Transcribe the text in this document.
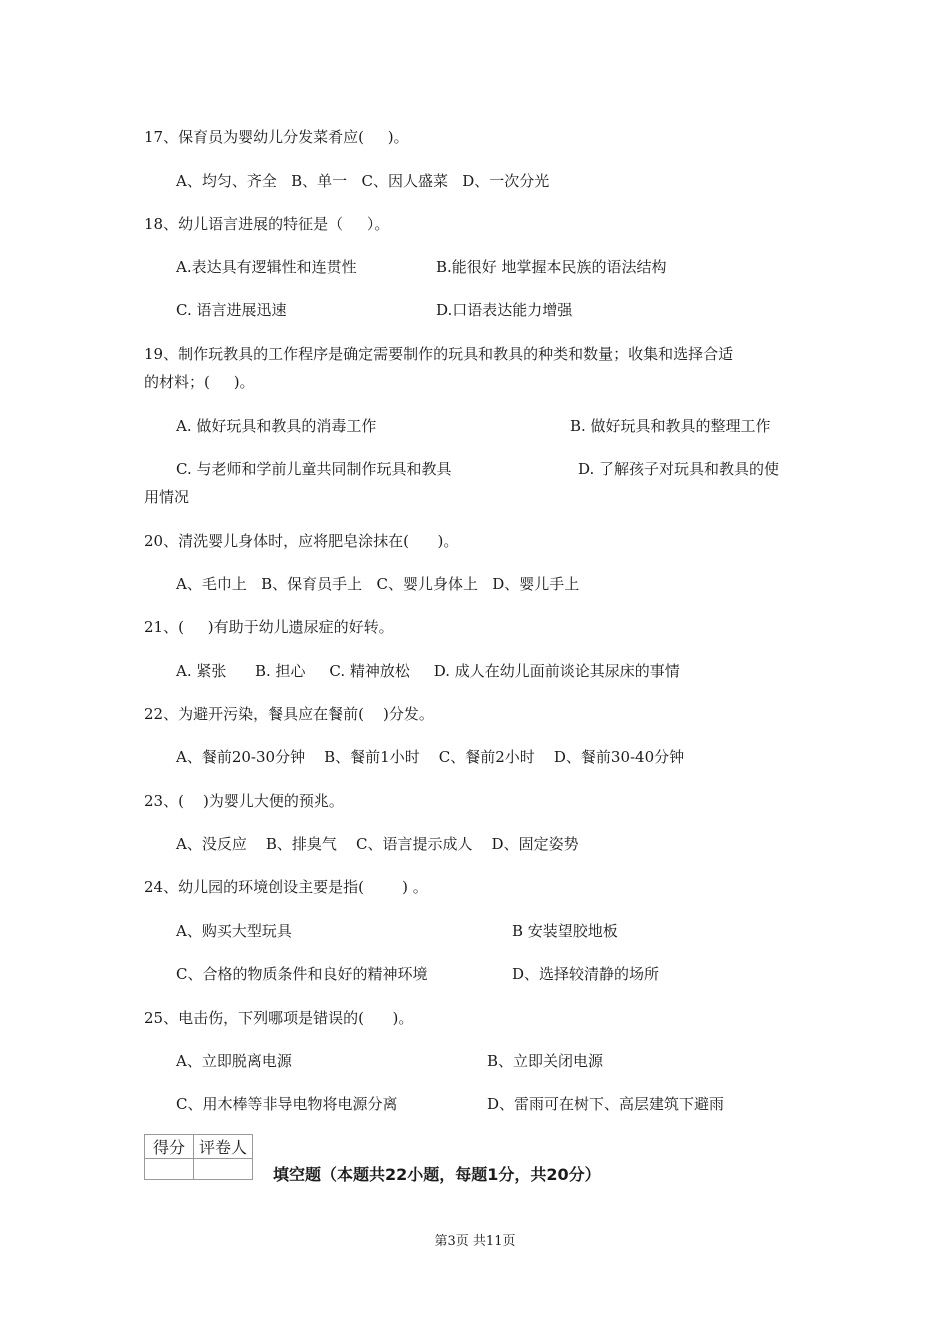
17、保育员为婴幼儿分发菜肴应(     )。
A、均匀、齐全   B、单一   C、因人盛菜   D、一次分光
18、幼儿语言进展的特征是（     ）。
A.表达具有逻辑性和连贯性	B.能很好 地掌握本民族的语法结构
C. 语言进展迅速	D.口语表达能力增强
19、制作玩教具的工作程序是确定需要制作的玩具和教具的种类和数量；收集和选择合适
的材料；(     )。
A. 做好玩具和教具的消毒工作	B. 做好玩具和教具的整理工作
C. 与老师和学前儿童共同制作玩具和教具	D. 了解孩子对玩具和教具的使
用情况
20、清洗婴儿身体时，应将肥皂涂抹在(      )。
A、毛巾上   B、保育员手上   C、婴儿身体上   D、婴儿手上
21、(     )有助于幼儿遗尿症的好转。
A. 紧张      B. 担心     C. 精神放松     D. 成人在幼儿面前谈论其尿床的事情
22、为避开污染，餐具应在餐前(    )分发。
A、餐前20-30分钟    B、餐前1小时    C、餐前2小时    D、餐前30-40分钟
23、(    )为婴儿大便的预兆。
A、没反应    B、排臭气    C、语言提示成人    D、固定姿势
24、幼儿园的环境创设主要是指(        ) 。
A、购买大型玩具	B 安装望胶地板
C、合格的物质条件和良好的精神环境	D、选择较清静的场所
25、电击伤，下列哪项是错误的(      )。
A、立即脱离电源	B、立即关闭电源
C、用木棒等非导电物将电源分离	D、雷雨可在树下、高层建筑下避雨
得分	评卷人

填空题（本题共22小题，每题1分，共20分）
第3页 共11页
